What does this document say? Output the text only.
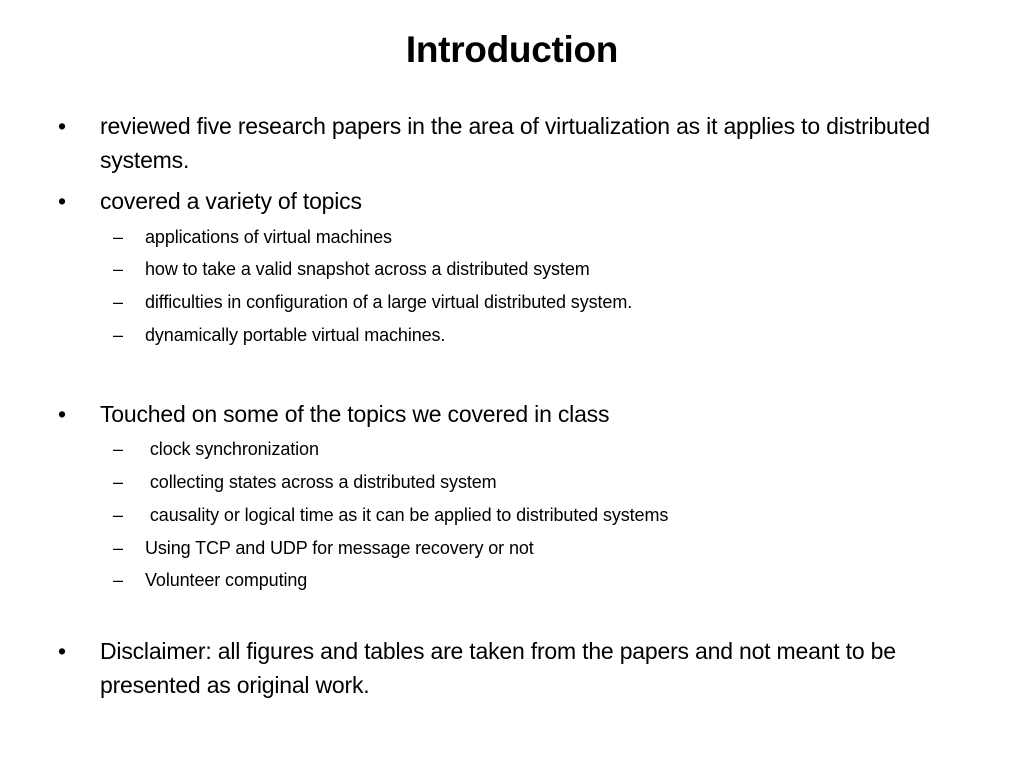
Introduction
•	reviewed five research papers in the area of virtualization as it applies to distributed systems.
•	covered a variety of topics
– applications of virtual machines
– how to take a valid snapshot across a distributed system
– difficulties in configuration of a large virtual distributed system.
– dynamically portable virtual machines.
•	Touched on some of the topics we covered in class
– clock synchronization
– collecting states across a distributed system
– causality or logical time as it can be applied to distributed systems
– Using TCP and UDP for message recovery or not
– Volunteer computing
•	Disclaimer: all figures and tables are taken from the papers and not meant to be presented as original work.
